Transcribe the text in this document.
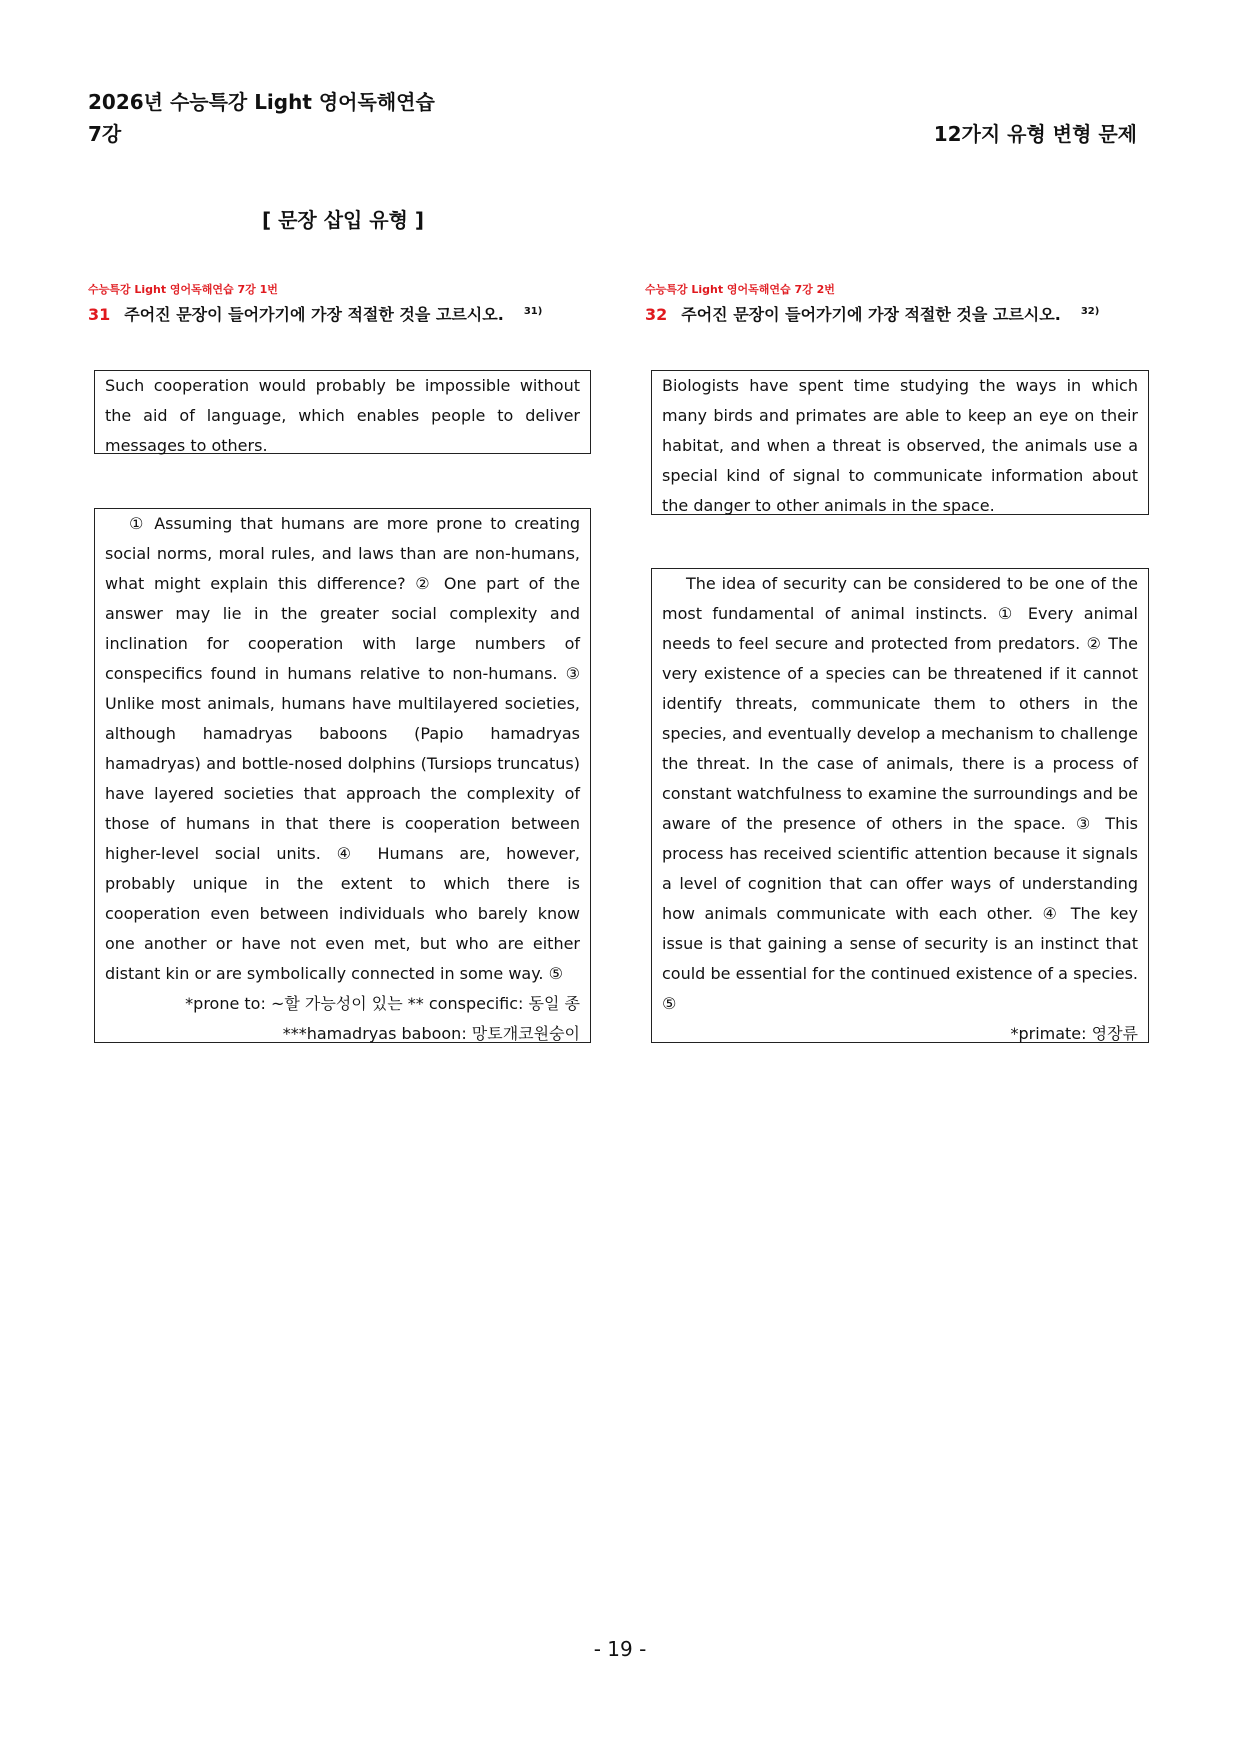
2026년 수능특강 Light 영어독해연습
7강	12가지 유형 변형 문제
[ 문장 삽입 유형 ]
수능특강 Light 영어독해연습 7강 1번
31 주어진 문장이 들어가기에 가장 적절한 것을 고르시오. $^{31)}$

Such cooperation would probably be impossible without the aid of language, which enables people to deliver messages to others.

① Assuming that humans are more prone to creating social norms, moral rules, and laws than are non-humans, what might explain this difference? ② One part of the answer may lie in the greater social complexity and inclination for cooperation with large numbers of conspecifics found in humans relative to non-humans. ③ Unlike most animals, humans have multilayered societies, although hamadryas baboons (Papio hamadryas hamadryas) and bottle-nosed dolphins (Tursiops truncatus) have layered societies that approach the complexity of those of humans in that there is cooperation between higher-level social units. ④ Humans are, however, probably unique in the extent to which there is cooperation even between individuals who barely know one another or have not even met, but who are either distant kin or are symbolically connected in some way. ⑤

*prone to: ~할 가능성이 있는 ** conspecific: 동일 종

***hamadryas baboon: 망토개코원숭이

수능특강 Light 영어독해연습 7강 2번
32 주어진 문장이 들어가기에 가장 적절한 것을 고르시오. $^{32)}$

Biologists have spent time studying the ways in which many birds and primates are able to keep an eye on their habitat, and when a threat is observed, the animals use a special kind of signal to communicate information about the danger to other animals in the space.

The idea of security can be considered to be one of the most fundamental of animal instincts. ① Every animal needs to feel secure and protected from predators. ② The very existence of a species can be threatened if it cannot identify threats, communicate them to others in the species, and eventually develop a mechanism to challenge the threat. In the case of animals, there is a process of constant watchfulness to examine the surroundings and be aware of the presence of others in the space. ③ This process has received scientific attention because it signals a level of cognition that can offer ways of understanding how animals communicate with each other. ④ The key issue is that gaining a sense of security is an instinct that could be essential for the continued existence of a species. ⑤

*primate: 영장류

- 19 -
